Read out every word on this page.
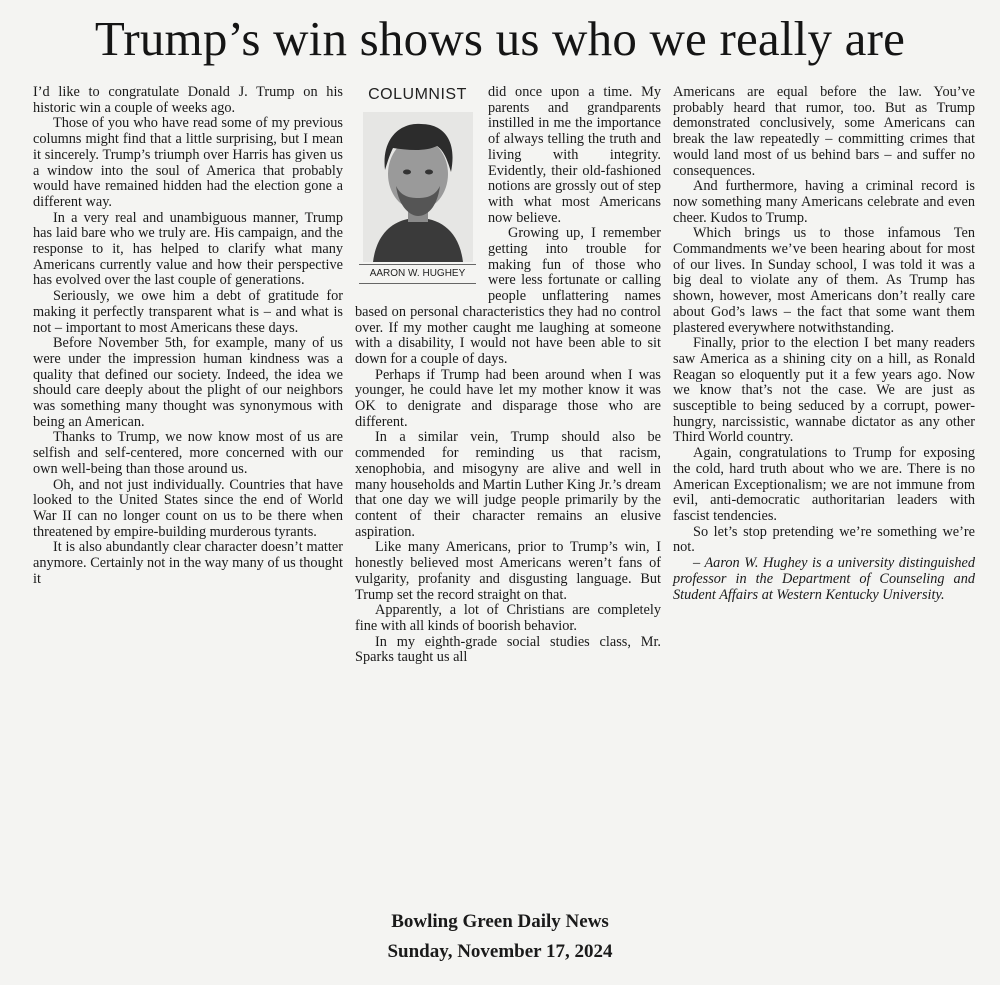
Trump’s win shows us who we really are

I’d like to congratulate Donald J. Trump on his historic win a couple of weeks ago.

Those of you who have read some of my previous columns might find that a little surprising, but I mean it sincerely. Trump’s triumph over Harris has given us a window into the soul of America that probably would have remained hidden had the election gone a different way.

In a very real and unambiguous manner, Trump has laid bare who we truly are. His campaign, and the response to it, has helped to clarify what many Americans currently value and how their perspective has evolved over the last couple of generations.

Seriously, we owe him a debt of gratitude for making it perfectly transparent what is – and what is not – important to most Americans these days.

Before November 5th, for example, many of us were under the impression human kindness was a quality that defined our society. Indeed, the idea we should care deeply about the plight of our neighbors was something many thought was synonymous with being an American.

Thanks to Trump, we now know most of us are selfish and self-centered, more concerned with our own well-being than those around us.

Oh, and not just individually. Countries that have looked to the United States since the end of World War II can no longer count on us to be there when threatened by empire-building murderous tyrants.

It is also abundantly clear character doesn’t matter anymore. Certainly not in the way many of us thought it

COLUMNIST
AARON W. HUGHEY

did once upon a time. My parents and grandparents instilled in me the importance of always telling the truth and living with integrity. Evidently, their old-fashioned notions are grossly out of step with what most Americans now believe.

Growing up, I remember getting into trouble for making fun of those who were less fortunate or calling people unflattering names based on personal characteristics they had no control over. If my mother caught me laughing at someone with a disability, I would not have been able to sit down for a couple of days.

Perhaps if Trump had been around when I was younger, he could have let my mother know it was OK to denigrate and disparage those who are different.

In a similar vein, Trump should also be commended for reminding us that racism, xenophobia, and misogyny are alive and well in many households and Martin Luther King Jr.’s dream that one day we will judge people primarily by the content of their character remains an elusive aspiration.

Like many Americans, prior to Trump’s win, I honestly believed most Americans weren’t fans of vulgarity, profanity and disgusting language. But Trump set the record straight on that.

Apparently, a lot of Christians are completely fine with all kinds of boorish behavior.

In my eighth-grade social studies class, Mr. Sparks taught us all

Americans are equal before the law. You’ve probably heard that rumor, too. But as Trump demonstrated conclusively, some Americans can break the law repeatedly – committing crimes that would land most of us behind bars – and suffer no consequences.

And furthermore, having a criminal record is now something many Americans celebrate and even cheer. Kudos to Trump.

Which brings us to those infamous Ten Commandments we’ve been hearing about for most of our lives. In Sunday school, I was told it was a big deal to violate any of them. As Trump has shown, however, most Americans don’t really care about God’s laws – the fact that some want them plastered everywhere notwithstanding.

Finally, prior to the election I bet many readers saw America as a shining city on a hill, as Ronald Reagan so eloquently put it a few years ago. Now we know that’s not the case. We are just as susceptible to being seduced by a corrupt, power-hungry, narcissistic, wannabe dictator as any other Third World country.

Again, congratulations to Trump for exposing the cold, hard truth about who we are. There is no American Exceptionalism; we are not immune from evil, anti-democratic authoritarian leaders with fascist tendencies.

So let’s stop pretending we’re something we’re not.

– Aaron W. Hughey is a university distinguished professor in the Department of Counseling and Student Affairs at Western Kentucky University.

Bowling Green Daily News
Sunday, November 17, 2024
